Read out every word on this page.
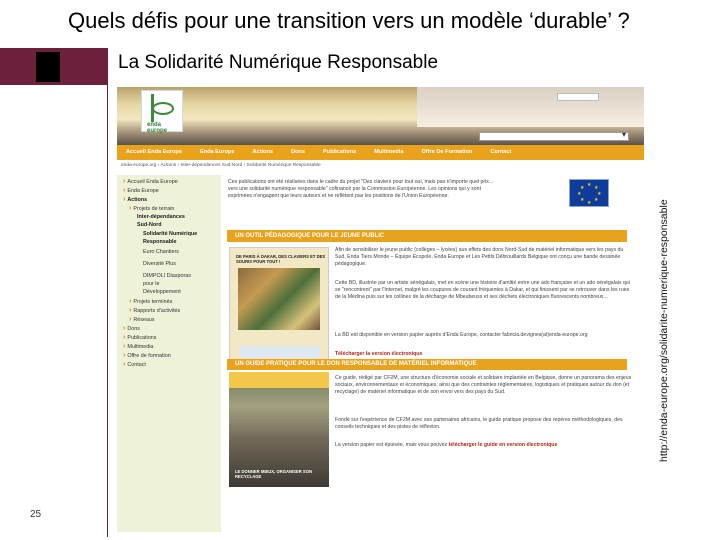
Quels défis pour une transition vers un modèle ‘durable’ ?
La Solidarité Numérique Responsable
25
http://enda-europe.org/solidarite-numerique-responsable
enda europe
▾
Accueil Enda Europe	Enda Europe	Actions	Dons	Publications	Multimedia	Offre De Formation	Contact
enda-europe.org › Actions › Inter-dépendances Sud-Nord › Solidarité Numérique Responsable
› Accueil Enda Europe
› Enda Europe
› Actions
› Projets de terrain
Inter-dépendances
Sud-Nord
Solidarité Numérique
Responsable
Euro Chantiers
Diversité Plus
DIMPOLI Diasporas
pour le
Développement
› Projets terminés
› Rapports d'activités
› Réseaux
› Dons
› Publications
› Multimedia
› Offre de formation
› Contact
Ces publications ont été réalisées dans le cadre du projet "Des claviers pour tout oui, mais pas n'importe quel prix… vers une solidarité numérique responsable" cofinancé par la Commission Européenne. Les opinions qui y sont exprimées n'engagent que leurs auteurs et ne reflètent pas les positions de l'Union Européenne.
★ ★
★
★
★
★
★
★
UN OUTIL PÉDAGOGIQUE POUR LE JEUNE PUBLIC
DE PARIS À DAKAR, DES CLAVIERS ET DES SOURIS POUR TOUT !
Afin de sensibiliser le jeune public (collèges – lycées) aux effets des dons Nord-Sud de matériel informatique vers les pays du Sud, Enda Tiers Monde – Équipe Ecopole, Enda Europe et Les Petits Débrouillards Belgique ont conçu une bande dessinée pédagogique.
Cette BD, illustrée par un artiste sénégalais, met en scène une histoire d'amitié entre une ado française et un ado sénégalais qui se "rencontrent" par l'Internet, malgré les coupures de courant fréquentes à Dakar, et qui finissent par se retrouver dans les rues de la Médina puis sur les collines de la décharge de Mbeubeuss et ses déchets électroniques fluorescents nombreux...
La BD est disponible en version papier auprès d'Enda Europe, contacter fabricia.devignes(at)enda-europe.org
Télécharger la version électronique
UN GUIDE PRATIQUE POUR LE DON RESPONSABLE DE MATÉRIEL INFORMATIQUE
LE DONNER MIEUX, ORGANISER SON RECYCLAGE
Ce guide, rédigé par CF2M, une structure d'économie sociale et solidaire implantée en Belgique, donne un panorama des enjeux sociaux, environnementaux et économiques, ainsi que des contraintes réglementaires, logistiques et pratiques autour du don (et recyclage) de matériel informatique et de son envoi vers des pays du Sud.
Fondé sur l'expérience de CF2M avec ses partenaires africains, le guide pratique propose des repères méthodologiques, des conseils techniques et des pistes de réflexion.
La version papier est épuisée, mais vous pouvez télécharger le guide en version électronique
